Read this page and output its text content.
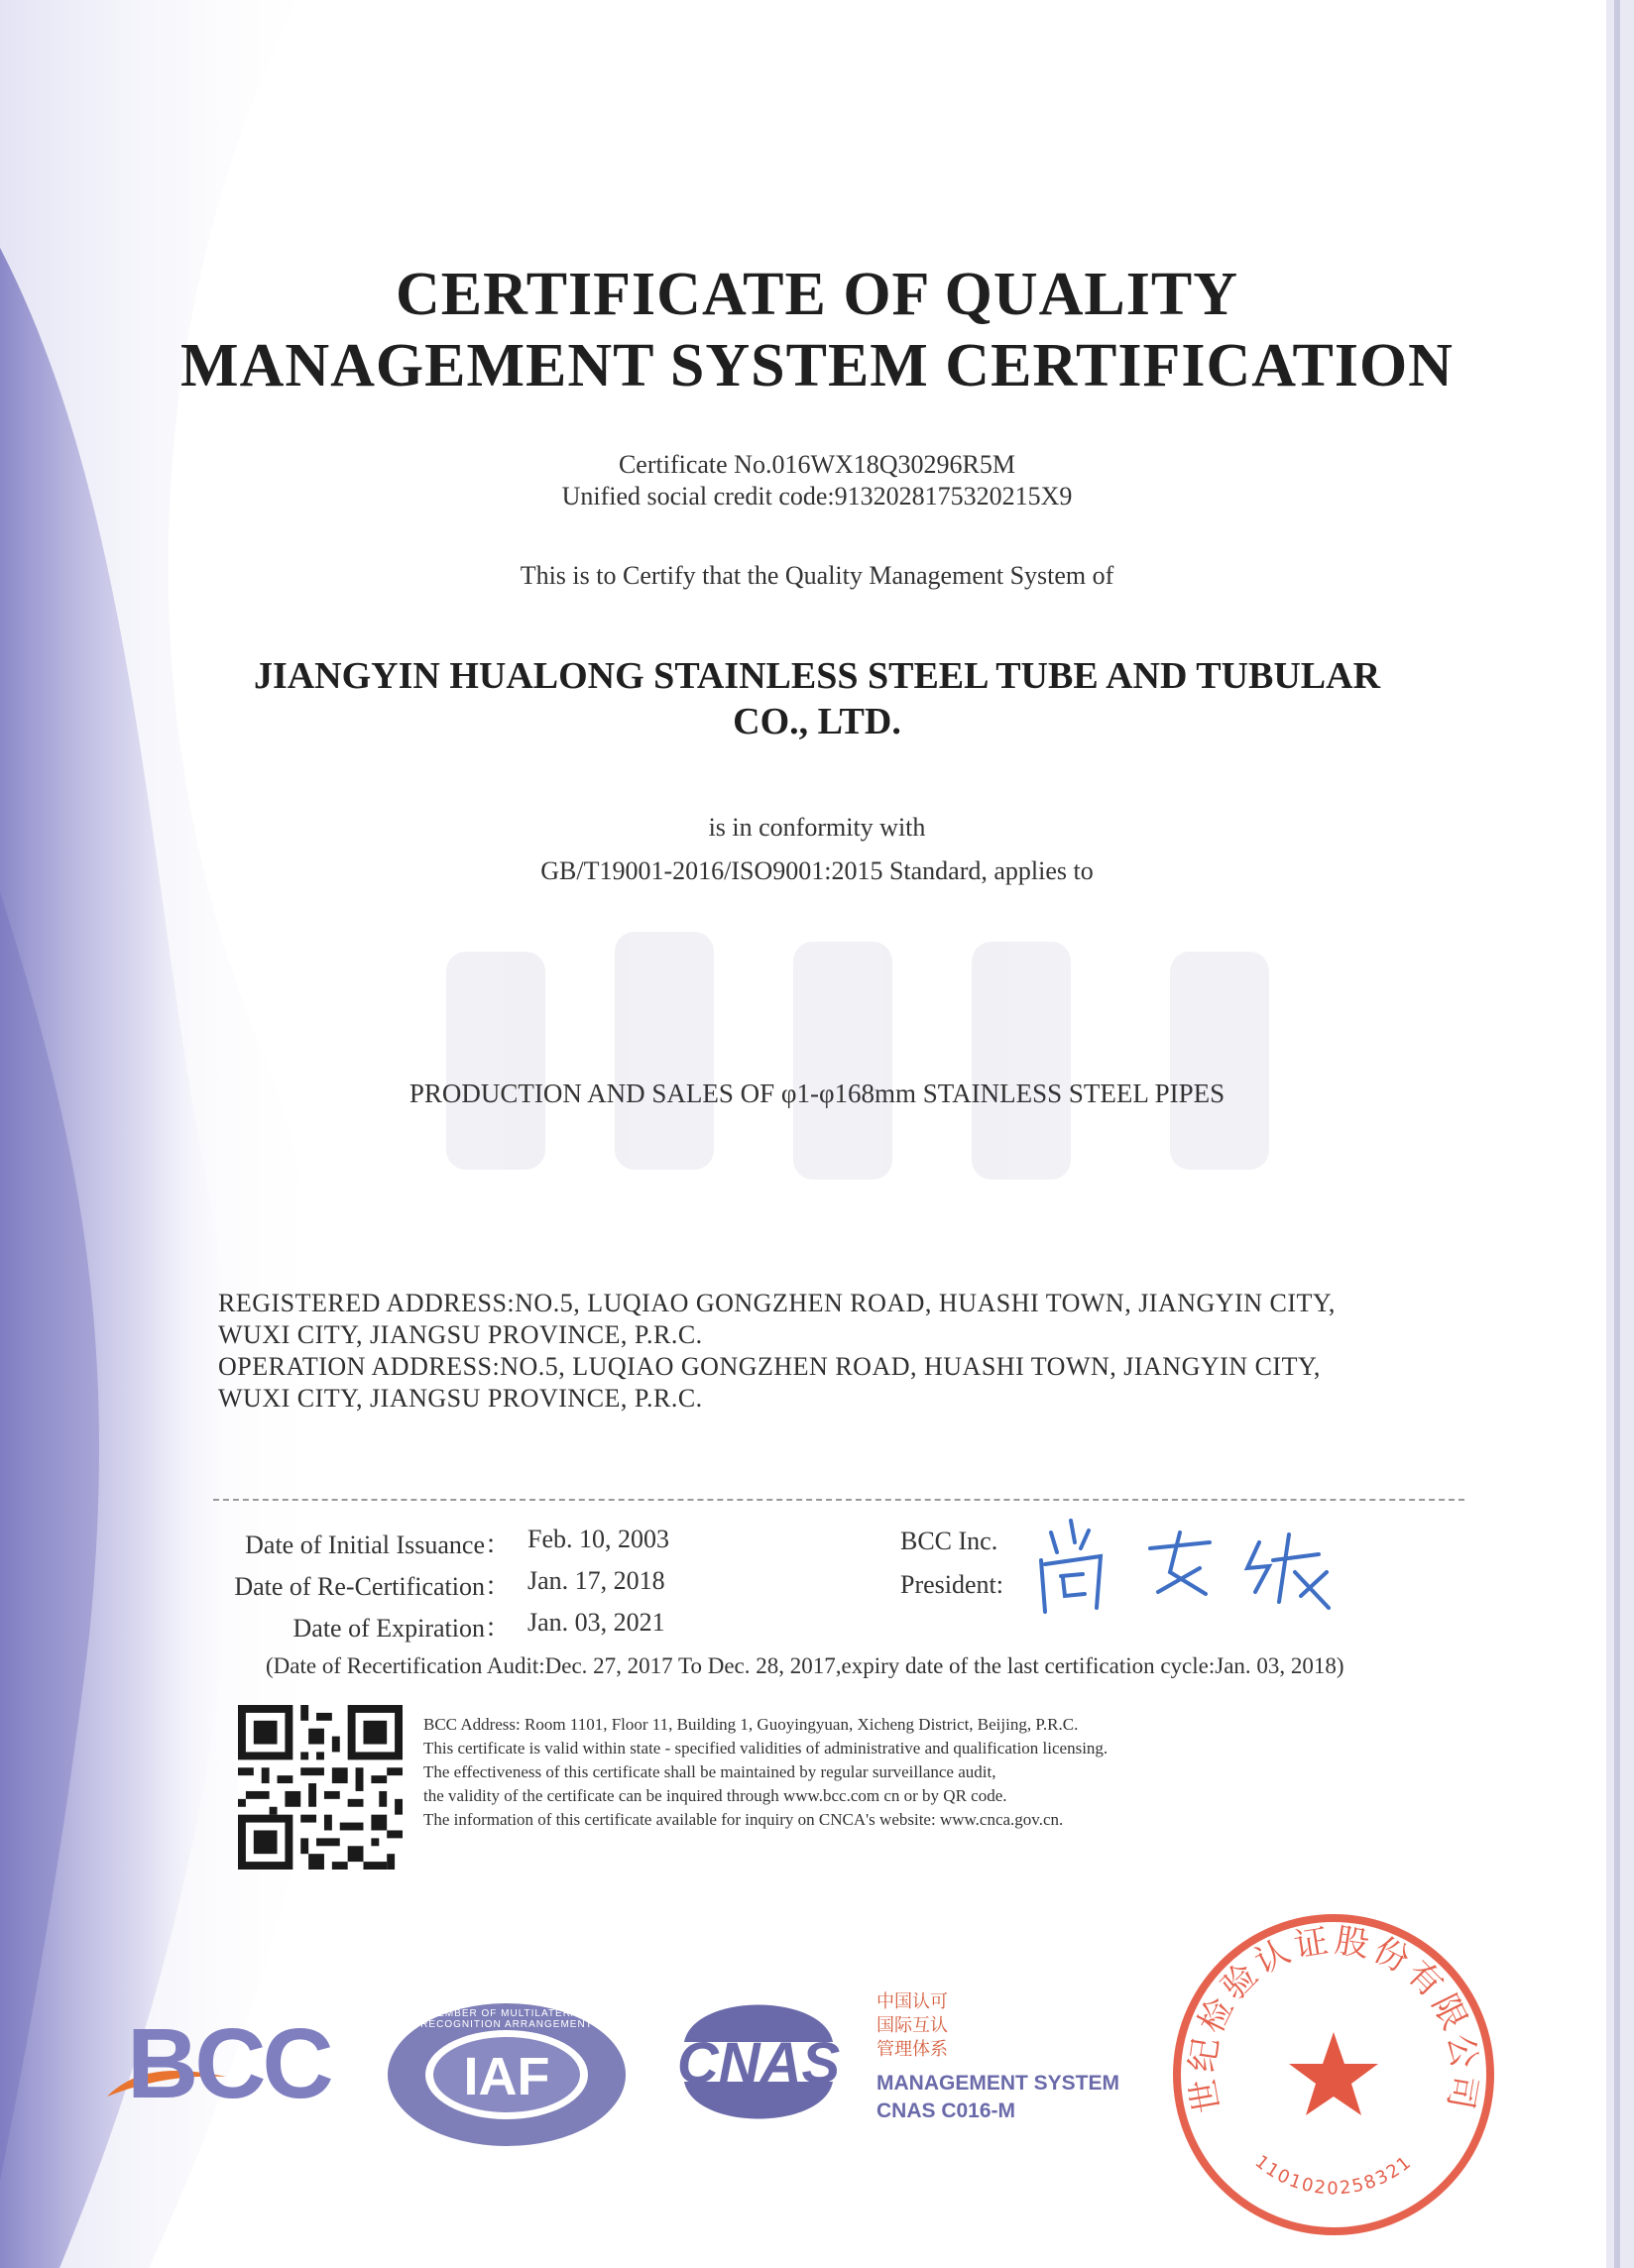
CERTIFICATE OF QUALITY
MANAGEMENT SYSTEM CERTIFICATION
Certificate No.016WX18Q30296R5M
Unified social credit code:9132028175320215X9
This is to Certify that the Quality Management System of
JIANGYIN HUALONG STAINLESS STEEL TUBE AND TUBULAR
CO., LTD.
is in conformity with
GB/T19001-2016/ISO9001:2015 Standard, applies to
PRODUCTION AND SALES OF φ1-φ168mm STAINLESS STEEL PIPES
REGISTERED ADDRESS:NO.5, LUQIAO GONGZHEN ROAD, HUASHI TOWN, JIANGYIN CITY,
WUXI CITY, JIANGSU PROVINCE, P.R.C.
OPERATION ADDRESS:NO.5, LUQIAO GONGZHEN ROAD, HUASHI TOWN, JIANGYIN CITY,
WUXI CITY, JIANGSU PROVINCE, P.R.C.
Date of Initial Issuance： Feb. 10, 2003
Date of Re-Certification： Jan. 17, 2018
Date of Expiration： Jan. 03, 2021
BCC Inc.
President:
(Date of Recertification Audit:Dec. 27, 2017 To Dec. 28, 2017,expiry date of the last certification cycle:Jan. 03, 2018)
BCC Address: Room 1101, Floor 11, Building 1, Guoyingyuan, Xicheng District, Beijing, P.R.C.
This certificate is valid within state - specified validities of administrative and qualification licensing.
The effectiveness of this certificate shall be maintained by regular surveillance audit,
the validity of the certificate can be inquired through www.bcc.com cn or by QR code.
The information of this certificate available for inquiry on CNCA's website: www.cnca.gov.cn.
BCC	IAF
MEMBER OF MULTILATERAL RECOGNITION ARRANGEMENT
CNAS
中国认可
国际互认
管理体系
MANAGEMENT SYSTEM
CNAS C016-M	世纪检验认证股份有限公司
1101020258321
